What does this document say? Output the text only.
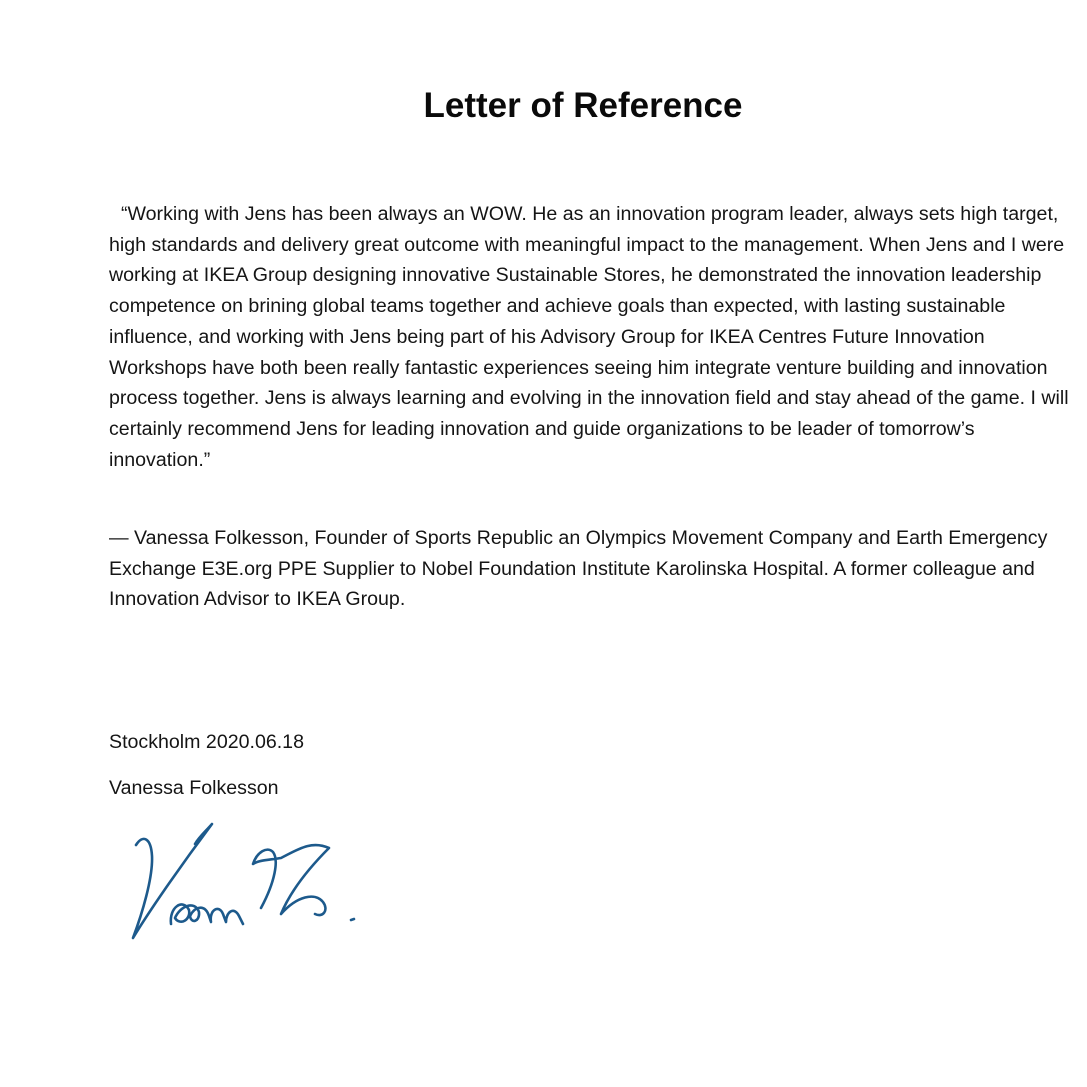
Letter of Reference

“Working with Jens has been always an WOW. He as an innovation program leader, always sets high target, high standards and delivery great outcome with meaningful impact to the management. When Jens and I were working at IKEA Group designing innovative Sustainable Stores, he demonstrated the innovation leadership competence on brining global teams together and achieve goals than expected, with lasting sustainable influence, and working with Jens being part of his Advisory Group for IKEA Centres Future Innovation Workshops have both been really fantastic experiences seeing him integrate venture building and innovation process together. Jens is always learning and evolving in the innovation field and stay ahead of the game. I will certainly recommend Jens for leading innovation and guide organizations to be leader of tomorrow’s innovation.”

— Vanessa Folkesson, Founder of Sports Republic an Olympics Movement Company and Earth Emergency Exchange E3E.org PPE Supplier to Nobel Foundation Institute Karolinska Hospital. A former colleague and Innovation Advisor to IKEA Group.

Stockholm 2020.06.18

Vanessa Folkesson
